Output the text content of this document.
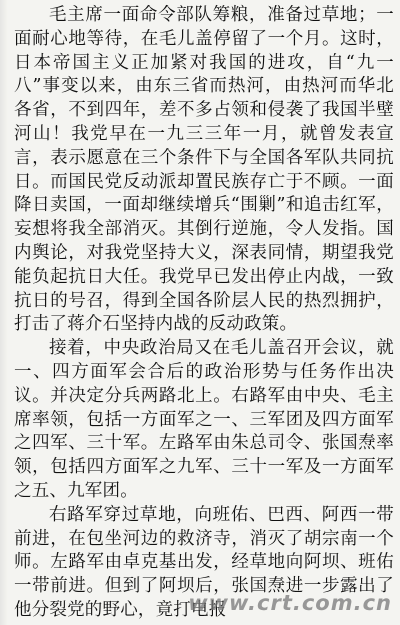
毛主席一面命令部队筹粮，准备过草地；一面耐心地等待，在毛儿盖停留了一个月。这时，日本帝国主义正加紧对我国的进攻，自“九一八”事变以来，由东三省而热河，由热河而华北各省，不到四年，差不多占领和侵袭了我国半壁河山！我党早在一九三三年一月，就曾发表宣言，表示愿意在三个条件下与全国各军队共同抗日。而国民党反动派却置民族存亡于不顾。一面降日卖国，一面却继续增兵“围剿”和追击红军，妄想将我全部消灭。其倒行逆施，令人发指。国内舆论，对我党坚持大义，深表同情，期望我党能负起抗日大任。我党早已发出停止内战，一致抗日的号召，得到全国各阶层人民的热烈拥护，打击了蒋介石坚持内战的反动政策。

接着，中央政治局又在毛儿盖召开会议，就一、四方面军会合后的政治形势与任务作出决议。并决定分兵两路北上。右路军由中央、毛主席率领，包括一方面军之一、三军团及四方面军之四军、三十军。左路军由朱总司令、张国焘率领，包括四方面军之九军、三十一军及一方面军之五、九军团。

右路军穿过草地，向班佑、巴西、阿西一带前进，在包坐河边的救济寺，消灭了胡宗南一个师。左路军由卓克基出发，经草地向阿坝、班佑一带前进。但到了阿坝后，张国焘进一步露出了他分裂党的野心，竟打电报

www.crt.com.cn
